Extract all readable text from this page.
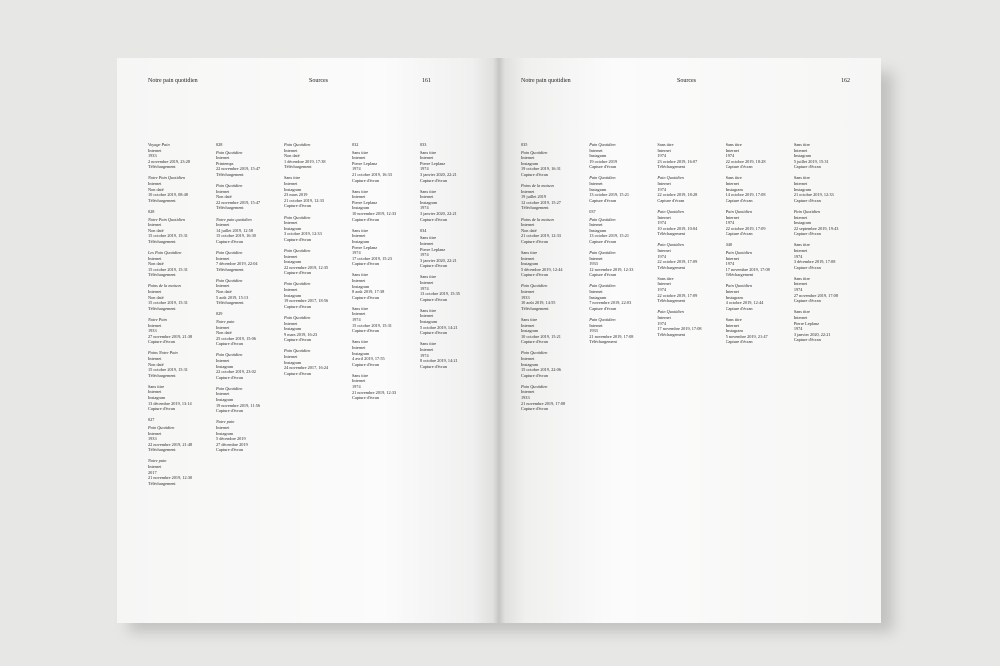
Notre pain quotidien	Sources	161
Voyage Pain
Internet
1933
2 novembre 2019, 23:28
Téléchargement
Notre Pain Quotidien
Internet
Non daté
10 octobre 2019, 08:48
Téléchargement
028
Notre Pain Quotidien
Internet
Non daté
15 octobre 2019, 15:31
Téléchargement
Les Pain Quotidien
Internet
Non daté
15 octobre 2019, 15:31
Téléchargement
Pains de la maison
Internet
Non daté
15 octobre 2019, 15:31
Téléchargement
Notre Pain
Internet
1933
27 novembre 2019, 21:38
Capture d'écran
Pains Notre Pain
Internet
Non daté
15 octobre 2019, 15:31
Téléchargement
Sans titre
Internet
Instagram
13 décembre 2019, 13:14
Capture d'écran
027
Pain Quotidien
Internet
1933
22 novembre 2019, 21:48
Téléchargement
Notre pain
Internet
2017
21 novembre 2019, 12:30
Téléchargement
028
Pain Quotidien
Internet
Printemps
22 novembre 2019, 15:47
Téléchargement
Pain Quotidien
Internet
Non daté
22 novembre 2019, 15:47
Téléchargement
Notre pain quotidien
Internet
14 juillet 2019, 12:58
15 octobre 2019, 16:30
Capture d'écran
Pain Quotidien
Internet
7 décembre 2019, 22:04
Téléchargement
Pain Quotidien
Internet
Non daté
5 août 2019, 15:13
Téléchargement
029
Notre pain
Internet
Non daté
25 octobre 2019, 15:06
Capture d'écran
Pain Quotidien
Internet
Instagram
22 octobre 2019, 23:02
Capture d'écran
Pain Quotidien
Internet
Instagram
19 novembre 2019, 11:56
Capture d'écran
Notre pain
Internet
Instagram
5 décembre 2019
27 décembre 2019
Capture d'écran
Pain Quotidien
Internet
Non daté
1 décembre 2019, 17:38
Téléchargement
Sans titre
Internet
Instagram
23 mars 2019
21 octobre 2019, 12:33
Capture d'écran
Pain Quotidien
Internet
Instagram
3 octobre 2019, 12:33
Capture d'écran
Pain Quotidien
Internet
Instagram
22 novembre 2019, 12:35
Capture d'écran
Pain Quotidien
Internet
Instagram
19 novembre 2017, 18:56
Capture d'écran
Pain Quotidien
Internet
Instagram
9 mars 2019, 16:23
Capture d'écran
Pain Quotidien
Internet
Instagram
24 novembre 2017, 16:24
Capture d'écran
032
Sans titre
Internet
Pierre Leplanz
1974
21 octobre 2019, 16:33
Capture d'écran
Sans titre
Internet
Pierre Leplanz
Instagram
10 novembre 2019, 12:33
Capture d'écran
Sans titre
Internet
Instagram
Pierre Leplanz
1974
17 octobre 2019, 15:23
Capture d'écran
Sans titre
Internet
Instagram
8 août 2019, 17:38
Capture d'écran
Sans titre
Internet
1974
15 octobre 2019, 15:31
Capture d'écran
Sans titre
Internet
Instagram
4 avril 2019, 17:55
Capture d'écran
Sans titre
Internet
1974
21 novembre 2019, 12:33
Capture d'écran
033
Sans titre
Internet
Pierre Leplanz
1974
3 janvier 2020, 22:21
Capture d'écran
Sans titre
Internet
Instagram
1974
3 janvier 2020, 22:21
Capture d'écran
034
Sans titre
Internet
Pierre Leplanz
1974
3 janvier 2020, 22:21
Capture d'écran
Sans titre
Internet
1974
13 octobre 2019, 15:35
Capture d'écran
Sans titre
Internet
Instagram
5 octobre 2019, 14:21
Capture d'écran
Sans titre
Internet
1974
8 octobre 2019, 14:21
Capture d'écran
Notre pain quotidien	Sources	162
035
Pain Quotidien
Internet
Instagram
19 octobre 2019, 16:31
Capture d'écran
Pains de la maison
Internet
19 juillet 2019
12 octobre 2019, 15:27
Téléchargement
Pains de la maison
Internet
Non daté
21 octobre 2019, 12:33
Capture d'écran
Sans titre
Internet
Instagram
5 décembre 2019, 12:44
Capture d'écran
Pain Quotidien
Internet
1933
10 août 2019, 14:55
Téléchargement
Sans titre
Internet
Instagram
10 octobre 2019, 15:21
Capture d'écran
Pain Quotidien
Internet
Instagram
15 octobre 2019, 22:06
Capture d'écran
Pain Quotidien
Internet
1933
21 novembre 2019, 17:08
Capture d'écran
Pain Quotidien
Internet
Instagram
19 octobre 2019
Capture d'écran
Pain Quotidien
Internet
Instagram
13 octobre 2019, 15:21
Capture d'écran
037
Pain Quotidien
Internet
Instagram
13 octobre 2019, 15:21
Capture d'écran
Pain Quotidien
Internet
1933
12 novembre 2019, 12:33
Capture d'écran
Pain Quotidien
Internet
Instagram
7 novembre 2019, 22:03
Capture d'écran
Pain Quotidien
Internet
1933
21 novembre 2019, 17:08
Téléchargement
Sans titre
Internet
1974
23 octobre 2019, 16:07
Téléchargement
Pain Quotidien
Internet
1974
22 octobre 2019, 18:28
Capture d'écran
Pain Quotidien
Internet
1974
10 octobre 2019, 10:04
Téléchargement
Pain Quotidien
Internet
1974
22 octobre 2019, 17:09
Téléchargement
Sans titre
Internet
1974
22 octobre 2019, 17:09
Téléchargement
Pain Quotidien
Internet
1974
17 novembre 2019, 17:08
Téléchargement
Sans titre
Internet
1974
22 octobre 2019, 18:28
Capture d'écran
Sans titre
Internet
Instagram
14 octobre 2019, 17:08
Capture d'écran
Pain Quotidien
Internet
1974
22 octobre 2019, 17:09
Capture d'écran
040
Pain Quotidien
Internet
1974
17 novembre 2019, 17:08
Téléchargement
Pain Quotidien
Internet
Instagram
4 octobre 2019, 12:44
Capture d'écran
Sans titre
Internet
Instagram
5 novembre 2019, 21:47
Capture d'écran
Sans titre
Internet
Instagram
5 juillet 2019, 15:31
Capture d'écran
Sans titre
Internet
Instagram
21 octobre 2019, 12:33
Capture d'écran
Pain Quotidien
Internet
Instagram
22 septembre 2019, 19:43
Capture d'écran
Sans titre
Internet
1974
3 décembre 2019, 17:08
Capture d'écran
Sans titre
Internet
1974
27 novembre 2019, 17:08
Capture d'écran
Sans titre
Internet
Pierre Leplanz
1974
3 janvier 2020, 22:21
Capture d'écran
